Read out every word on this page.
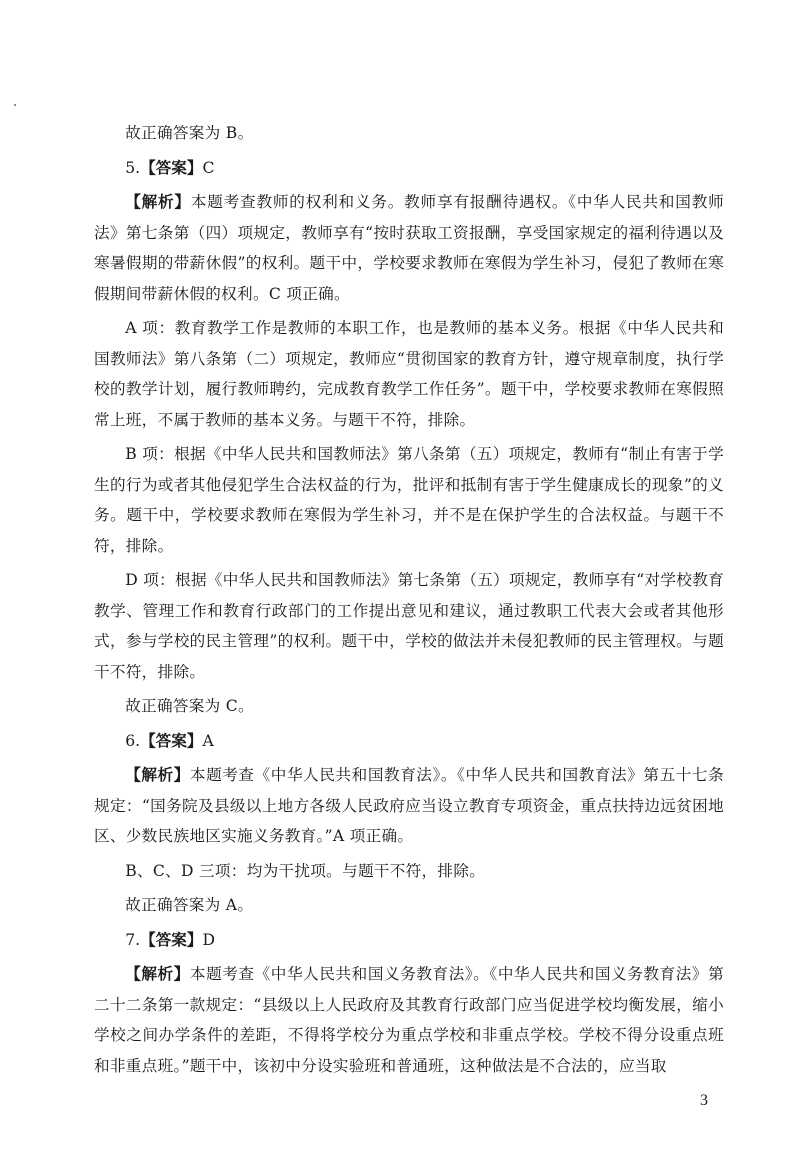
故正确答案为 B。

5.【答案】C

【解析】本题考查教师的权利和义务。教师享有报酬待遇权。《中华人民共和国教师法》第七条第（四）项规定，教师享有“按时获取工资报酬，享受国家规定的福利待遇以及寒暑假期的带薪休假”的权利。题干中，学校要求教师在寒假为学生补习，侵犯了教师在寒假期间带薪休假的权利。C 项正确。

A 项：教育教学工作是教师的本职工作，也是教师的基本义务。根据《中华人民共和国教师法》第八条第（二）项规定，教师应“贯彻国家的教育方针，遵守规章制度，执行学校的教学计划，履行教师聘约，完成教育教学工作任务”。题干中，学校要求教师在寒假照常上班，不属于教师的基本义务。与题干不符，排除。

B 项：根据《中华人民共和国教师法》第八条第（五）项规定，教师有“制止有害于学生的行为或者其他侵犯学生合法权益的行为，批评和抵制有害于学生健康成长的现象”的义务。题干中，学校要求教师在寒假为学生补习，并不是在保护学生的合法权益。与题干不符，排除。

D 项：根据《中华人民共和国教师法》第七条第（五）项规定，教师享有“对学校教育教学、管理工作和教育行政部门的工作提出意见和建议，通过教职工代表大会或者其他形式，参与学校的民主管理”的权利。题干中，学校的做法并未侵犯教师的民主管理权。与题干不符，排除。

故正确答案为 C。

6.【答案】A

【解析】本题考查《中华人民共和国教育法》。《中华人民共和国教育法》第五十七条规定：“国务院及县级以上地方各级人民政府应当设立教育专项资金，重点扶持边远贫困地区、少数民族地区实施义务教育。”A 项正确。

B、C、D 三项：均为干扰项。与题干不符，排除。

故正确答案为 A。

7.【答案】D

【解析】本题考查《中华人民共和国义务教育法》。《中华人民共和国义务教育法》第二十二条第一款规定：“县级以上人民政府及其教育行政部门应当促进学校均衡发展，缩小学校之间办学条件的差距，不得将学校分为重点学校和非重点学校。学校不得分设重点班和非重点班。”题干中，该初中分设实验班和普通班，这种做法是不合法的，应当取

3
